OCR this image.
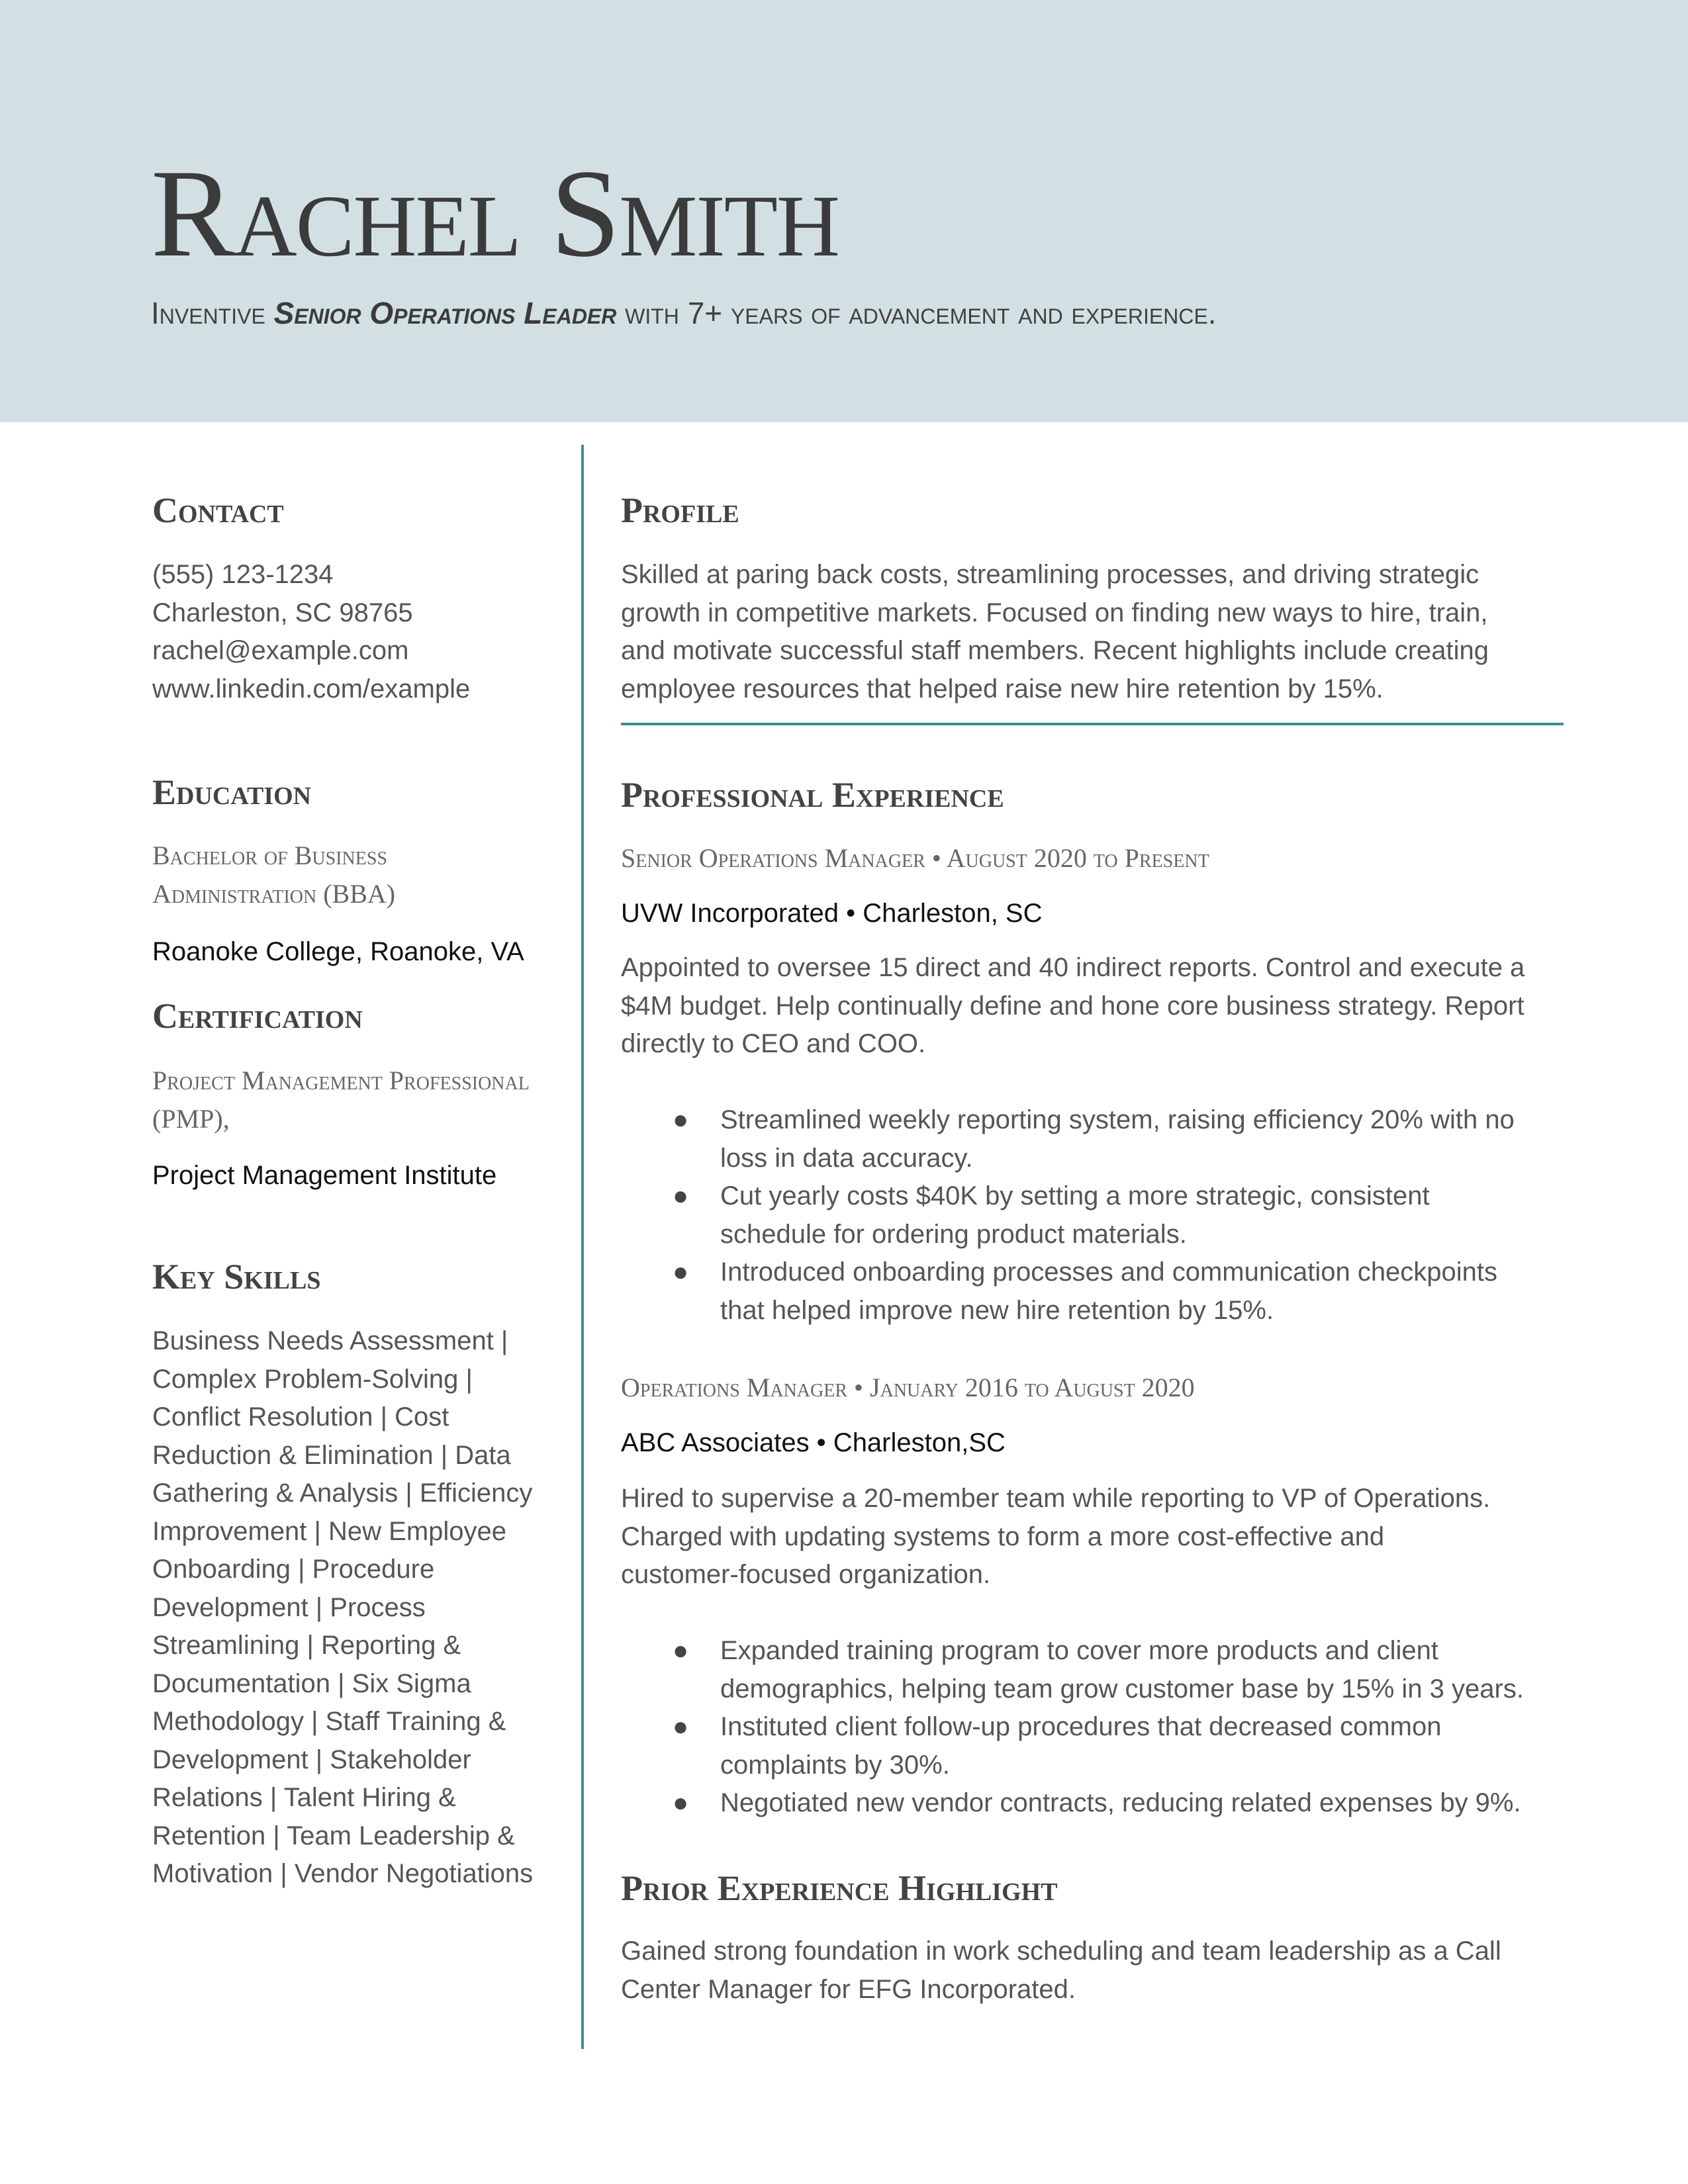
Rachel Smith
Inventive Senior Operations Leader with 7+ years of advancement and experience.
Contact
(555) 123-1234
Charleston, SC 98765
rachel@example.com
www.linkedin.com/example
Education
Bachelor of Business
Administration (BBA)
Roanoke College, Roanoke, VA
Certification
Project Management Professional
(PMP),
Project Management Institute
Key Skills
Business Needs Assessment |
Complex Problem-Solving |
Conflict Resolution | Cost
Reduction & Elimination | Data
Gathering & Analysis | Efficiency
Improvement | New Employee
Onboarding | Procedure
Development | Process
Streamlining | Reporting &
Documentation | Six Sigma
Methodology | Staff Training &
Development | Stakeholder
Relations | Talent Hiring &
Retention | Team Leadership &
Motivation | Vendor Negotiations
Profile
Skilled at paring back costs, streamlining processes, and driving strategic
growth in competitive markets. Focused on finding new ways to hire, train,
and motivate successful staff members. Recent highlights include creating
employee resources that helped raise new hire retention by 15%.
Professional Experience
Senior Operations Manager • August 2020 to Present
UVW Incorporated • Charleston, SC
Appointed to oversee 15 direct and 40 indirect reports. Control and execute a
$4M budget. Help continually define and hone core business strategy. Report
directly to CEO and COO.
● Streamlined weekly reporting system, raising efficiency 20% with no
loss in data accuracy.
● Cut yearly costs $40K by setting a more strategic, consistent
schedule for ordering product materials.
● Introduced onboarding processes and communication checkpoints
that helped improve new hire retention by 15%.
Operations Manager • January 2016 to August 2020
ABC Associates • Charleston,SC
Hired to supervise a 20-member team while reporting to VP of Operations.
Charged with updating systems to form a more cost-effective and
customer-focused organization.
● Expanded training program to cover more products and client
demographics, helping team grow customer base by 15% in 3 years.
● Instituted client follow-up procedures that decreased common
complaints by 30%.
● Negotiated new vendor contracts, reducing related expenses by 9%.
Prior Experience Highlight
Gained strong foundation in work scheduling and team leadership as a Call
Center Manager for EFG Incorporated.
